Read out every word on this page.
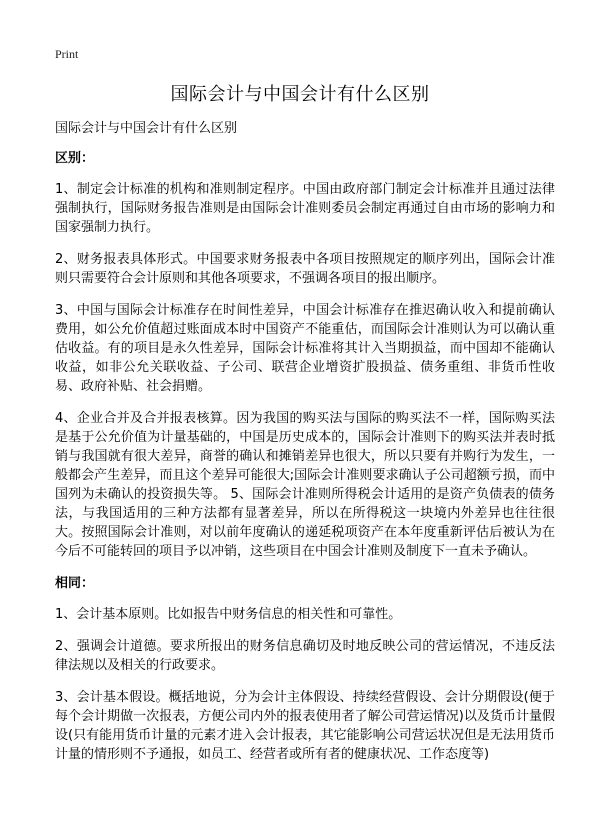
Print
国际会计与中国会计有什么区别

国际会计与中国会计有什么区别

区别：

1、制定会计标准的机构和准则制定程序。中国由政府部门制定会计标准并且通过法律强制执行，国际财务报告准则是由国际会计准则委员会制定再通过自由市场的影响力和国家强制力执行。

2、财务报表具体形式。中国要求财务报表中各项目按照规定的顺序列出，国际会计准则只需要符合会计原则和其他各项要求，不强调各项目的报出顺序。

3、中国与国际会计标准存在时间性差异，中国会计标准存在推迟确认收入和提前确认费用，如公允价值超过账面成本时中国资产不能重估，而国际会计准则认为可以确认重估收益。有的项目是永久性差异，国际会计标准将其计入当期损益，而中国却不能确认收益，如非公允关联收益、子公司、联营企业增资扩股损益、债务重组、非货币性收易、政府补贴、社会捐赠。

4、企业合并及合并报表核算。因为我国的购买法与国际的购买法不一样，国际购买法是基于公允价值为计量基础的，中国是历史成本的，国际会计准则下的购买法并表时抵销与我国就有很大差异，商誉的确认和摊销差异也很大，所以只要有并购行为发生，一般都会产生差异，而且这个差异可能很大;国际会计准则要求确认子公司超额亏损，而中国列为未确认的投资损失等。 5、国际会计准则所得税会计适用的是资产负债表的债务法，与我国适用的三种方法都有显著差异，所以在所得税这一块境内外差异也往往很大。按照国际会计准则，对以前年度确认的递延税项资产在本年度重新评估后被认为在今后不可能转回的项目予以冲销，这些项目在中国会计准则及制度下一直未予确认。

相同：

1、会计基本原则。比如报告中财务信息的相关性和可靠性。

2、强调会计道德。要求所报出的财务信息确切及时地反映公司的营运情况，不违反法律法规以及相关的行政要求。

3、会计基本假设。概括地说，分为会计主体假设、持续经营假设、会计分期假设(便于每个会计期做一次报表，方便公司内外的报表使用者了解公司营运情况)以及货币计量假设(只有能用货币计量的元素才进入会计报表，其它能影响公司营运状况但是无法用货币计量的情形则不予通报，如员工、经营者或所有者的健康状况、工作态度等)
